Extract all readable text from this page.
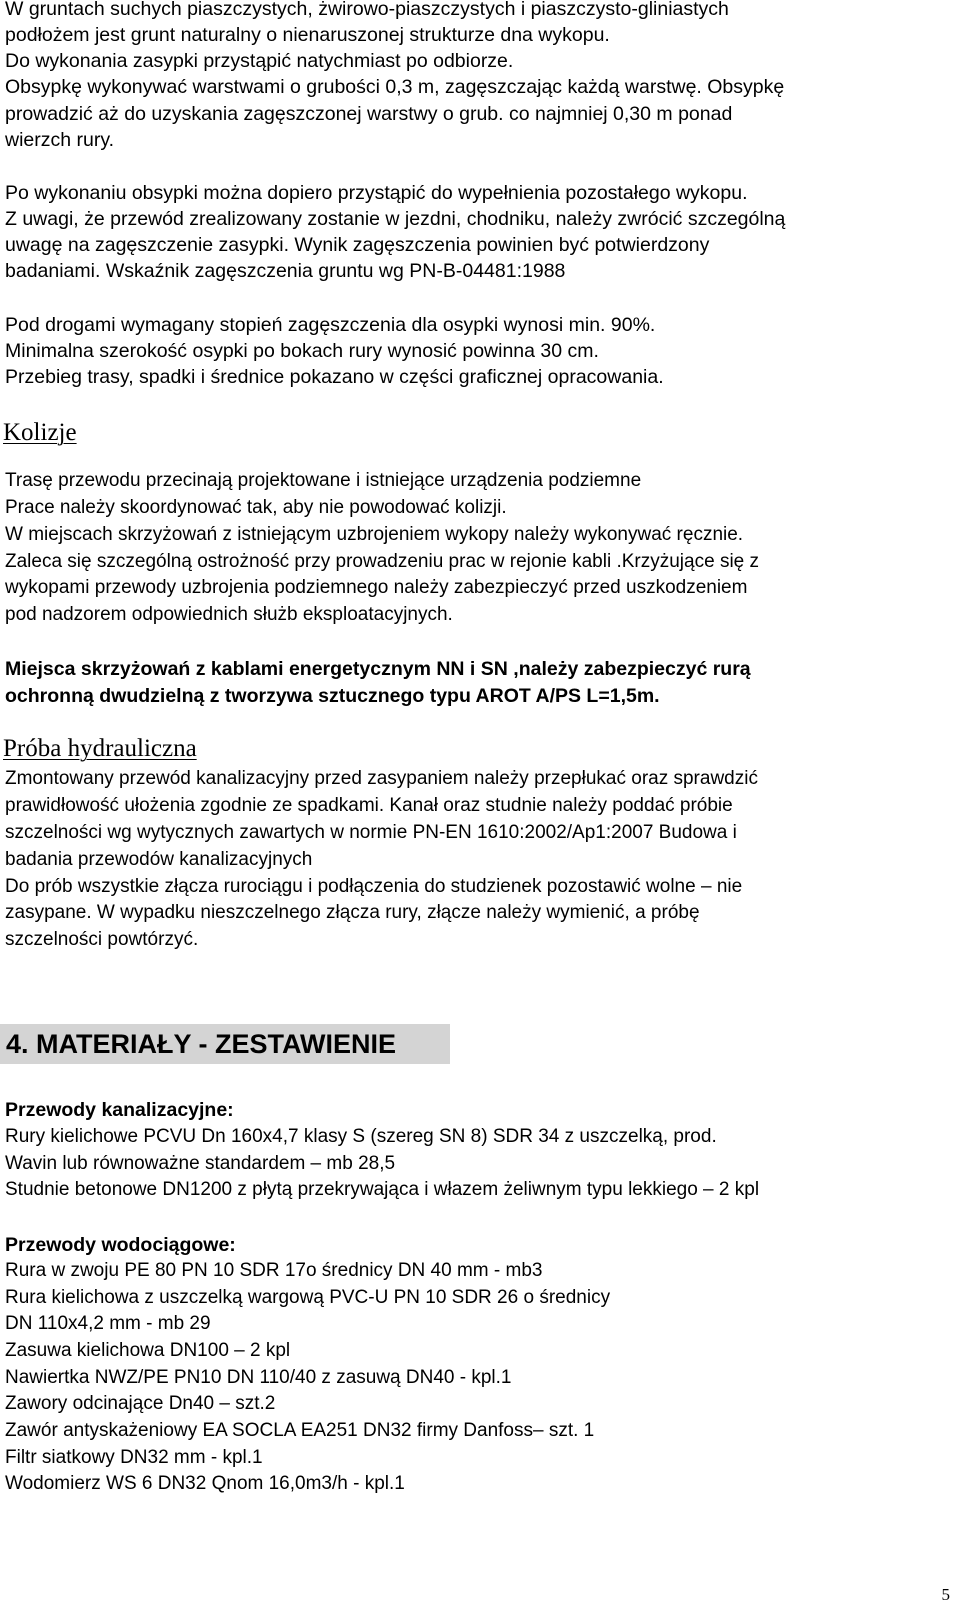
W gruntach suchych piaszczystych, żwirowo-piaszczystych i piaszczysto-gliniastych

podłożem jest grunt naturalny o nienaruszonej strukturze dna wykopu.

Do wykonania zasypki przystąpić natychmiast po odbiorze.

Obsypkę wykonywać warstwami o grubości 0,3 m, zagęszczając każdą warstwę. Obsypkę

prowadzić aż do uzyskania zagęszczonej warstwy o grub. co najmniej 0,30 m ponad

wierzch rury.

Po wykonaniu obsypki można dopiero przystąpić do wypełnienia pozostałego wykopu.

Z uwagi, że przewód zrealizowany zostanie w jezdni, chodniku, należy zwrócić szczególną

uwagę na zagęszczenie zasypki. Wynik zagęszczenia powinien być potwierdzony

badaniami. Wskaźnik zagęszczenia gruntu wg PN-B-04481:1988

Pod drogami wymagany stopień zagęszczenia dla osypki wynosi min. 90%.

Minimalna szerokość osypki po bokach rury wynosić powinna 30 cm.

Przebieg trasy, spadki i średnice pokazano w części graficznej opracowania.

Kolizje

Trasę przewodu przecinają projektowane i istniejące urządzenia podziemne

Prace należy skoordynować tak, aby nie powodować kolizji.

W miejscach skrzyżowań z istniejącym uzbrojeniem wykopy należy wykonywać ręcznie.

Zaleca się szczególną ostrożność przy prowadzeniu prac w rejonie kabli .Krzyżujące się z

wykopami przewody uzbrojenia podziemnego należy zabezpieczyć przed uszkodzeniem

pod nadzorem odpowiednich służb eksploatacyjnych.

Miejsca skrzyżowań z kablami energetycznym NN i SN ,należy zabezpieczyć rurą

ochronną dwudzielną z tworzywa sztucznego typu AROT A/PS L=1,5m.

Próba hydrauliczna

Zmontowany przewód kanalizacyjny przed zasypaniem należy przepłukać oraz sprawdzić

prawidłowość ułożenia zgodnie ze spadkami. Kanał oraz studnie należy poddać próbie

szczelności wg wytycznych zawartych w normie PN-EN 1610:2002/Ap1:2007 Budowa i

badania przewodów kanalizacyjnych

Do prób wszystkie złącza rurociągu i podłączenia do studzienek pozostawić wolne – nie

zasypane. W wypadku nieszczelnego złącza rury, złącze należy wymienić, a próbę

szczelności powtórzyć.

4. MATERIAŁY - ZESTAWIENIE

Przewody kanalizacyjne:

Rury kielichowe PCVU Dn 160x4,7 klasy S (szereg SN 8) SDR 34 z uszczelką, prod.

Wavin lub równoważne standardem – mb 28,5

Studnie betonowe DN1200 z płytą przekrywająca i włazem żeliwnym typu lekkiego – 2 kpl

Przewody wodociągowe:

Rura w zwoju PE 80 PN 10 SDR 17o średnicy DN 40 mm - mb3

Rura kielichowa z uszczelką wargową PVC-U PN 10 SDR 26 o średnicy

DN 110x4,2 mm - mb 29

Zasuwa kielichowa DN100 – 2 kpl

Nawiertka NWZ/PE PN10 DN 110/40 z zasuwą DN40 - kpl.1

Zawory odcinające Dn40 – szt.2

Zawór antyskażeniowy EA SOCLA EA251 DN32 firmy Danfoss– szt. 1

Filtr siatkowy DN32 mm - kpl.1

Wodomierz WS 6 DN32 Qnom 16,0m3/h - kpl.1

5
